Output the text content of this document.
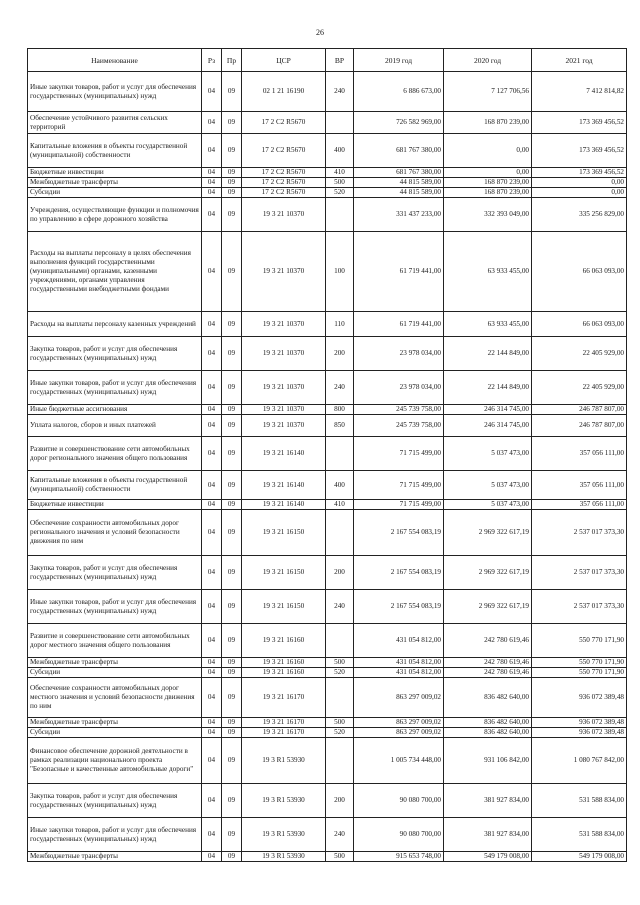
26
Наименование	Рз	Пр	ЦСР	ВР	2019 год	2020 год	2021 год
Иные закупки товаров, работ и услуг для обеспечения государственных (муниципальных) нужд	04	09	02 1 21 16190	240	6 886 673,00	7 127 706,56	7 412 814,82
Обеспечение устойчивого развития сельских территорий	04	09	17 2 С2 R5670		726 582 969,00	168 870 239,00	173 369 456,52
Капитальные вложения в объекты государственной (муниципальной) собственности	04	09	17 2 С2 R5670	400	681 767 380,00	0,00	173 369 456,52
Бюджетные инвестиции	04	09	17 2 С2 R5670	410	681 767 380,00	0,00	173 369 456,52
Межбюджетные трансферты	04	09	17 2 С2 R5670	500	44 815 589,00	168 870 239,00	0,00
Субсидии	04	09	17 2 С2 R5670	520	44 815 589,00	168 870 239,00	0,00
Учреждения, осуществляющие функции и полномочия по управлению в сфере дорожного хозяйства	04	09	19 3 21 10370		331 437 233,00	332 393 049,00	335 256 829,00
Расходы на выплаты персоналу в целях обеспечения выполнения функций государственными (муниципальными) органами, казенными учреждениями, органами управления государственными внебюджетными фондами	04	09	19 3 21 10370	100	61 719 441,00	63 933 455,00	66 063 093,00
Расходы на выплаты персоналу казенных учреждений	04	09	19 3 21 10370	110	61 719 441,00	63 933 455,00	66 063 093,00
Закупка товаров, работ и услуг для обеспечения государственных (муниципальных) нужд	04	09	19 3 21 10370	200	23 978 034,00	22 144 849,00	22 405 929,00
Иные закупки товаров, работ и услуг для обеспечения государственных (муниципальных) нужд	04	09	19 3 21 10370	240	23 978 034,00	22 144 849,00	22 405 929,00
Иные бюджетные ассигнования	04	09	19 3 21 10370	800	245 739 758,00	246 314 745,00	246 787 807,00
Уплата налогов, сборов и иных платежей	04	09	19 3 21 10370	850	245 739 758,00	246 314 745,00	246 787 807,00
Развитие и совершенствование сети автомобильных дорог регионального значения общего пользования	04	09	19 3 21 16140		71 715 499,00	5 037 473,00	357 056 111,00
Капитальные вложения в объекты государственной (муниципальной) собственности	04	09	19 3 21 16140	400	71 715 499,00	5 037 473,00	357 056 111,00
Бюджетные инвестиции	04	09	19 3 21 16140	410	71 715 499,00	5 037 473,00	357 056 111,00
Обеспечение сохранности автомобильных дорог регионального значения и условий безопасности движения по ним	04	09	19 3 21 16150		2 167 554 083,19	2 969 322 617,19	2 537 017 373,30
Закупка товаров, работ и услуг для обеспечения государственных (муниципальных) нужд	04	09	19 3 21 16150	200	2 167 554 083,19	2 969 322 617,19	2 537 017 373,30
Иные закупки товаров, работ и услуг для обеспечения государственных (муниципальных) нужд	04	09	19 3 21 16150	240	2 167 554 083,19	2 969 322 617,19	2 537 017 373,30
Развитие и совершенствование сети автомобильных дорог местного значения общего пользования	04	09	19 3 21 16160		431 054 812,00	242 780 619,46	550 770 171,90
Межбюджетные трансферты	04	09	19 3 21 16160	500	431 054 812,00	242 780 619,46	550 770 171,90
Субсидии	04	09	19 3 21 16160	520	431 054 812,00	242 780 619,46	550 770 171,90
Обеспечение сохранности автомобильных дорог местного значения и условий безопасности движения по ним	04	09	19 3 21 16170		863 297 009,02	836 482 640,00	936 072 389,48
Межбюджетные трансферты	04	09	19 3 21 16170	500	863 297 009,02	836 482 640,00	936 072 389,48
Субсидии	04	09	19 3 21 16170	520	863 297 009,02	836 482 640,00	936 072 389,48
Финансовое обеспечение дорожной деятельности в рамках реализации национального проекта "Безопасные и качественные автомобильные дороги"	04	09	19 3 R1 53930		1 005 734 448,00	931 106 842,00	1 080 767 842,00
Закупка товаров, работ и услуг для обеспечения государственных (муниципальных) нужд	04	09	19 3 R1 53930	200	90 080 700,00	381 927 834,00	531 588 834,00
Иные закупки товаров, работ и услуг для обеспечения государственных (муниципальных) нужд	04	09	19 3 R1 53930	240	90 080 700,00	381 927 834,00	531 588 834,00
Межбюджетные трансферты	04	09	19 3 R1 53930	500	915 653 748,00	549 179 008,00	549 179 008,00
